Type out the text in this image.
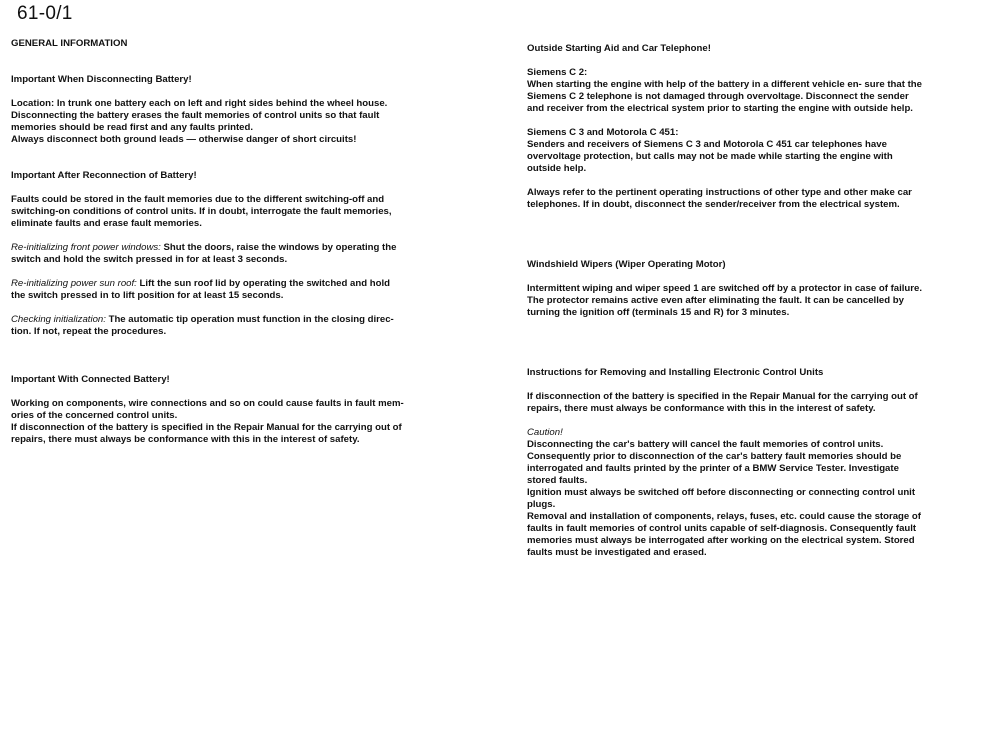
61-0/1

GENERAL INFORMATION

Important When Disconnecting Battery!

Location: In trunk one battery each on left and right sides behind the wheel house.
Disconnecting the battery erases the fault memories of control units so that fault
memories should be read first and any faults printed.
Always disconnect both ground leads — otherwise danger of short circuits!

Important After Reconnection of Battery!

Faults could be stored in the fault memories due to the different switching-off and
switching-on conditions of control units. If in doubt, interrogate the fault memories,
eliminate faults and erase fault memories.

Re-initializing front power windows: Shut the doors, raise the windows by operating the
switch and hold the switch pressed in for at least 3 seconds.

Re-initializing power sun roof: Lift the sun roof lid by operating the switched and hold
the switch pressed in to lift position for at least 15 seconds.

Checking initialization: The automatic tip operation must function in the closing direc-
tion. If not, repeat the procedures.

Important With Connected Battery!

Working on components, wire connections and so on could cause faults in fault mem-
ories of the concerned control units.
If disconnection of the battery is specified in the Repair Manual for the carrying out of
repairs, there must always be conformance with this in the interest of safety.

Outside Starting Aid and Car Telephone!

Siemens C 2:

When starting the engine with help of the battery in a different vehicle en- sure that the
Siemens C 2 telephone is not damaged through overvoltage. Disconnect the sender
and receiver from the electrical system prior to starting the engine with outside help.

Siemens C 3 and Motorola C 451:

Senders and receivers of Siemens C 3 and Motorola C 451 car telephones have
overvoltage protection, but calls may not be made while starting the engine with
outside help.

Always refer to the pertinent operating instructions of other type and other make car
telephones. If in doubt, disconnect the sender/receiver from the electrical system.

Windshield Wipers (Wiper Operating Motor)

Intermittent wiping and wiper speed 1 are switched off by a protector in case of failure.
The protector remains active even after eliminating the fault. It can be cancelled by
turning the ignition off (terminals 15 and R) for 3 minutes.

Instructions for Removing and Installing Electronic Control Units

If disconnection of the battery is specified in the Repair Manual for the carrying out of
repairs, there must always be conformance with this in the interest of safety.

Caution!

Disconnecting the car's battery will cancel the fault memories of control units.
Consequently prior to disconnection of the car's battery fault memories should be
interrogated and faults printed by the printer of a BMW Service Tester. Investigate
stored faults.
Ignition must always be switched off before disconnecting or connecting control unit
plugs.
Removal and installation of components, relays, fuses, etc. could cause the storage of
faults in fault memories of control units capable of self-diagnosis. Consequently fault
memories must always be interrogated after working on the electrical system. Stored
faults must be investigated and erased.
